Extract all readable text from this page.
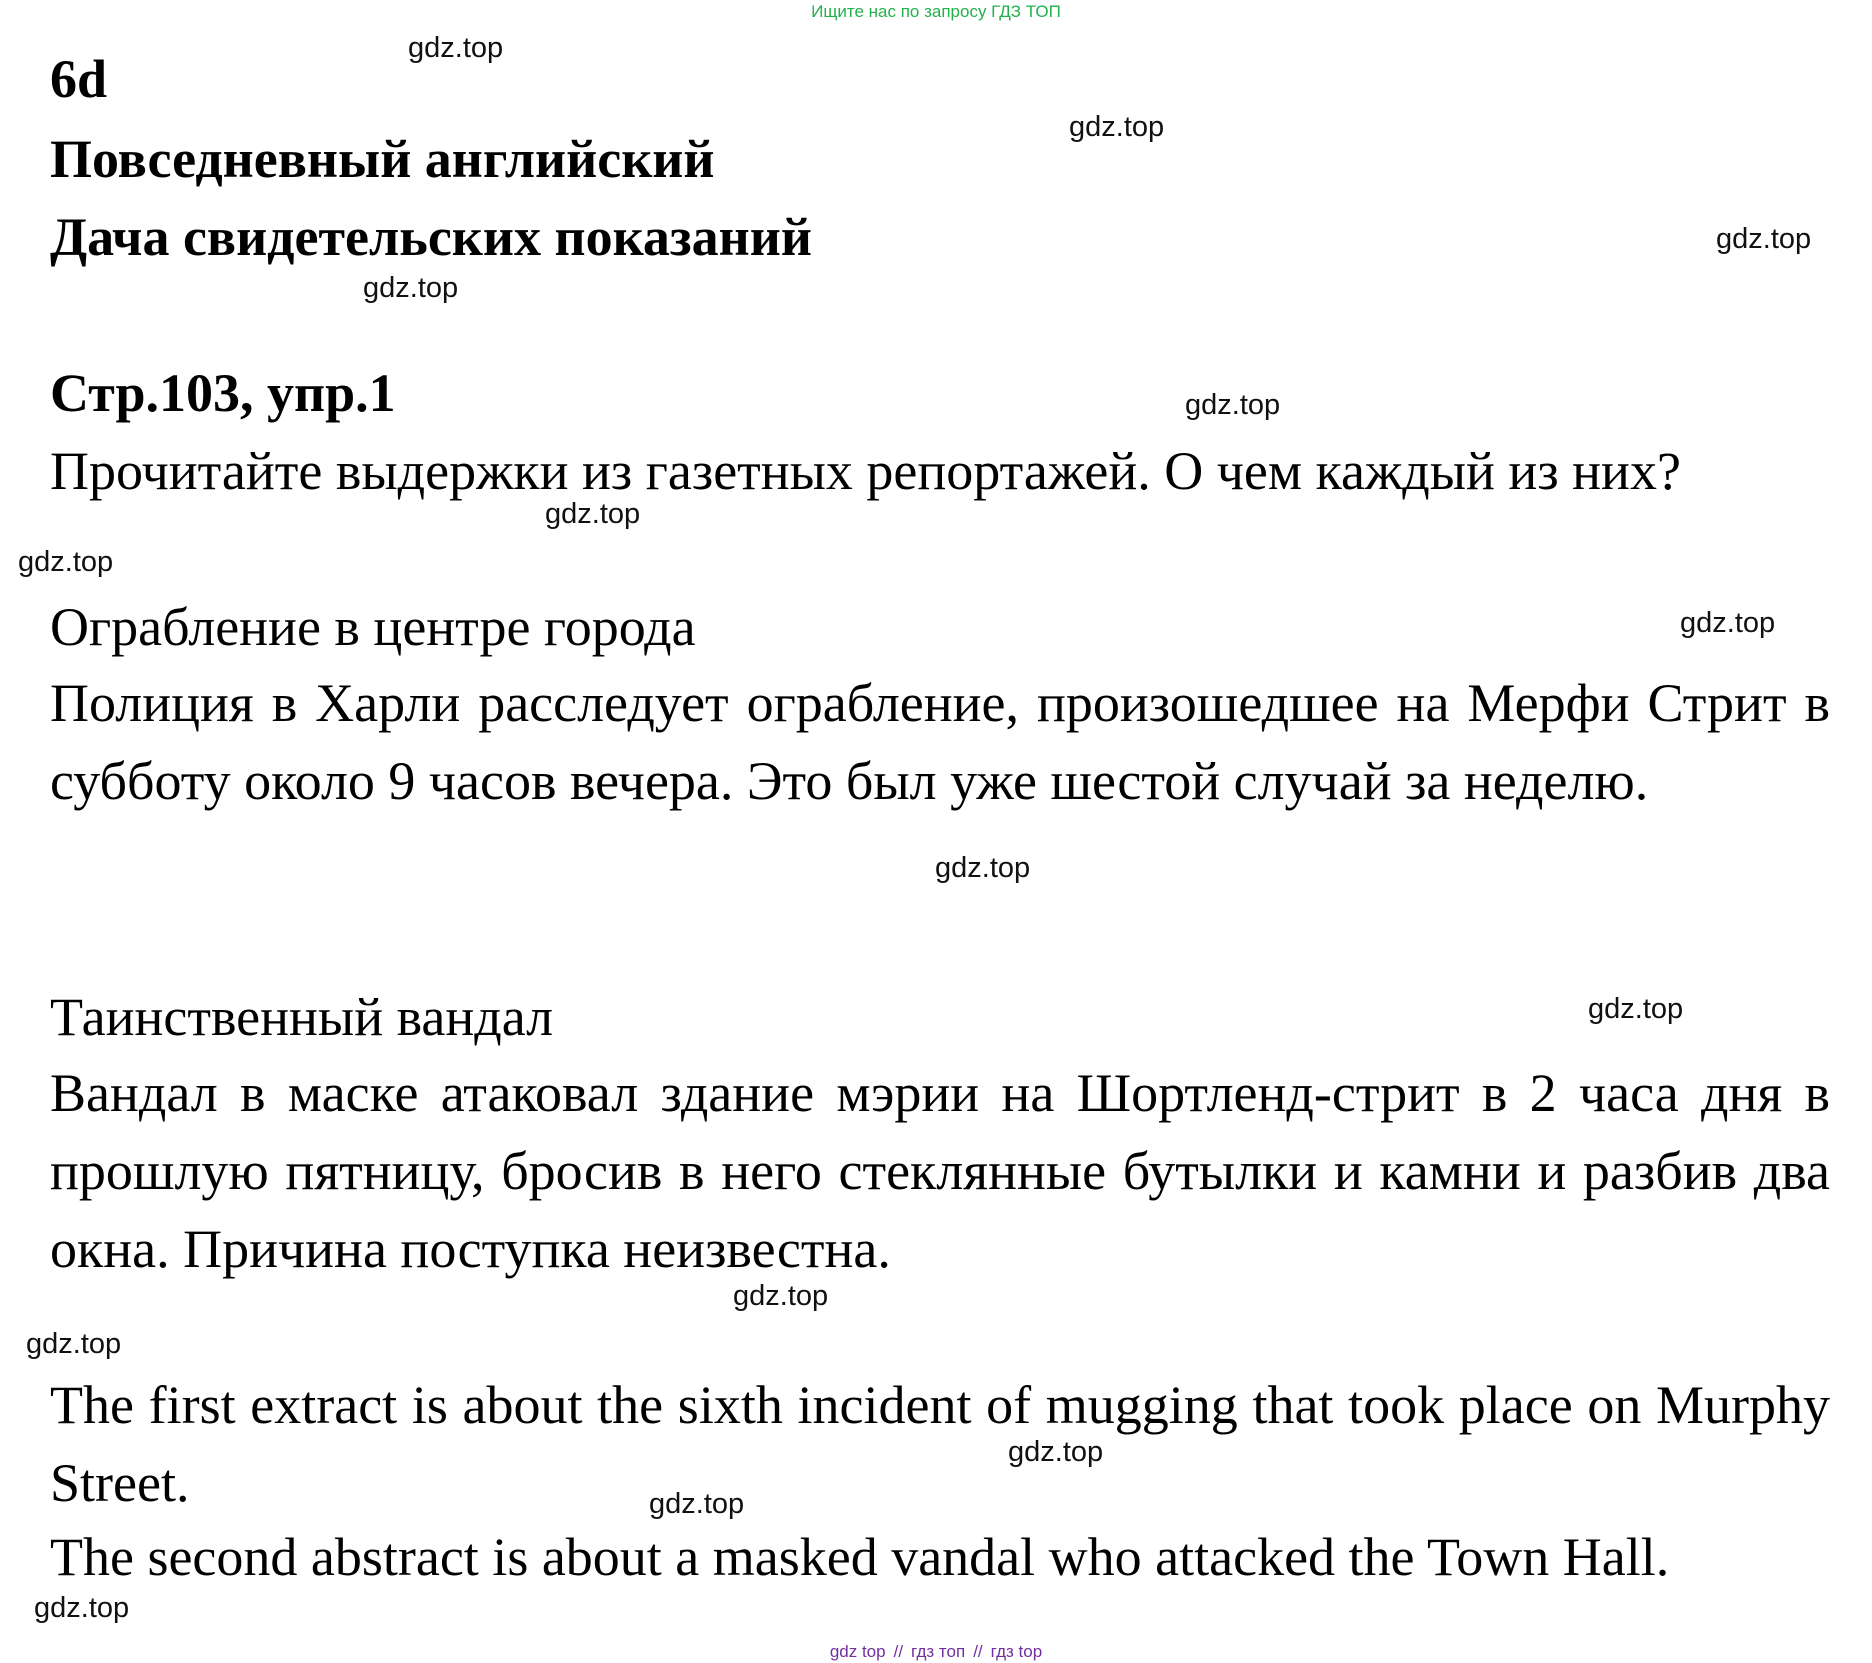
Ищите нас по запросу ГДЗ ТОП
6d
Повседневный английский
Дача свидетельских показаний
Стр.103, упр.1
Прочитайте выдержки из газетных репортажей. О чем каждый из них?
Ограбление в центре города
Полиция в Харли расследует ограбление, произошедшее на Мерфи Стрит в субботу около 9 часов вечера. Это был уже шестой случай за неделю.
Таинственный вандал
Вандал в маске атаковал здание мэрии на Шортленд-стрит в 2 часа дня в прошлую пятницу, бросив в него стеклянные бутылки и камни и разбив два окна. Причина поступка неизвестна.
The first extract is about the sixth incident of mugging that took place on Murphy Street.
The second abstract is about a masked vandal who attacked the Town Hall.
gdz.top
gdz.top
gdz.top
gdz.top
gdz.top
gdz.top
gdz.top
gdz.top
gdz.top
gdz.top
gdz.top
gdz.top
gdz.top
gdz.top
gdz.top
gdz top // гдз топ // гдз top
